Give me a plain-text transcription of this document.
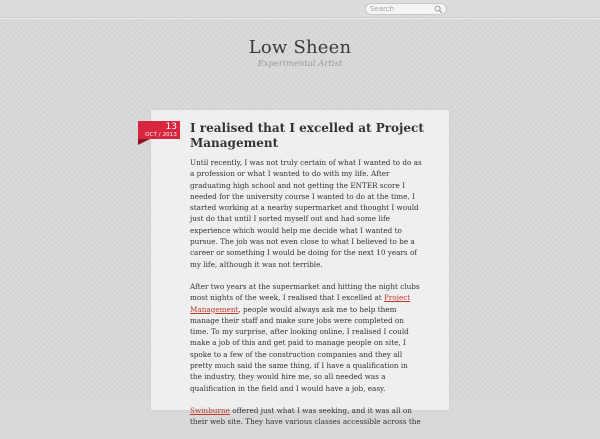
Search
Low Sheen
Experimental Artist
13
OCT / 2013 I realised that I excelled at Project Management

Until recently, I was not truly certain of what I wanted to do as a profession or what I wanted to do with my life. After graduating high school and not getting the ENTER score I needed for the university course I wanted to do at the time, I started working at a nearby supermarket and thought I would just do that until I sorted myself out and had some life experience which would help me decide what I wanted to pursue. The job was not even close to what I believed to be a career or something I would be doing for the next 10 years of my life, although it was not terrible.

After two years at the supermarket and hitting the night clubs most nights of the week, I realised that I excelled at Project Management, people would always ask me to help them manage their staff and make sure jobs were completed on time. To my surprise, after looking online, I realised I could make a job of this and get paid to manage people on site, I spoke to a few of the construction companies and they all pretty much said the same thing, if I have a qualification in the industry, they would hire me, so all needed was a qualification in the field and I would have a job, easy.

Swinburne offered just what I was seeking, and it was all on their web site. They have various classes accessible across the
